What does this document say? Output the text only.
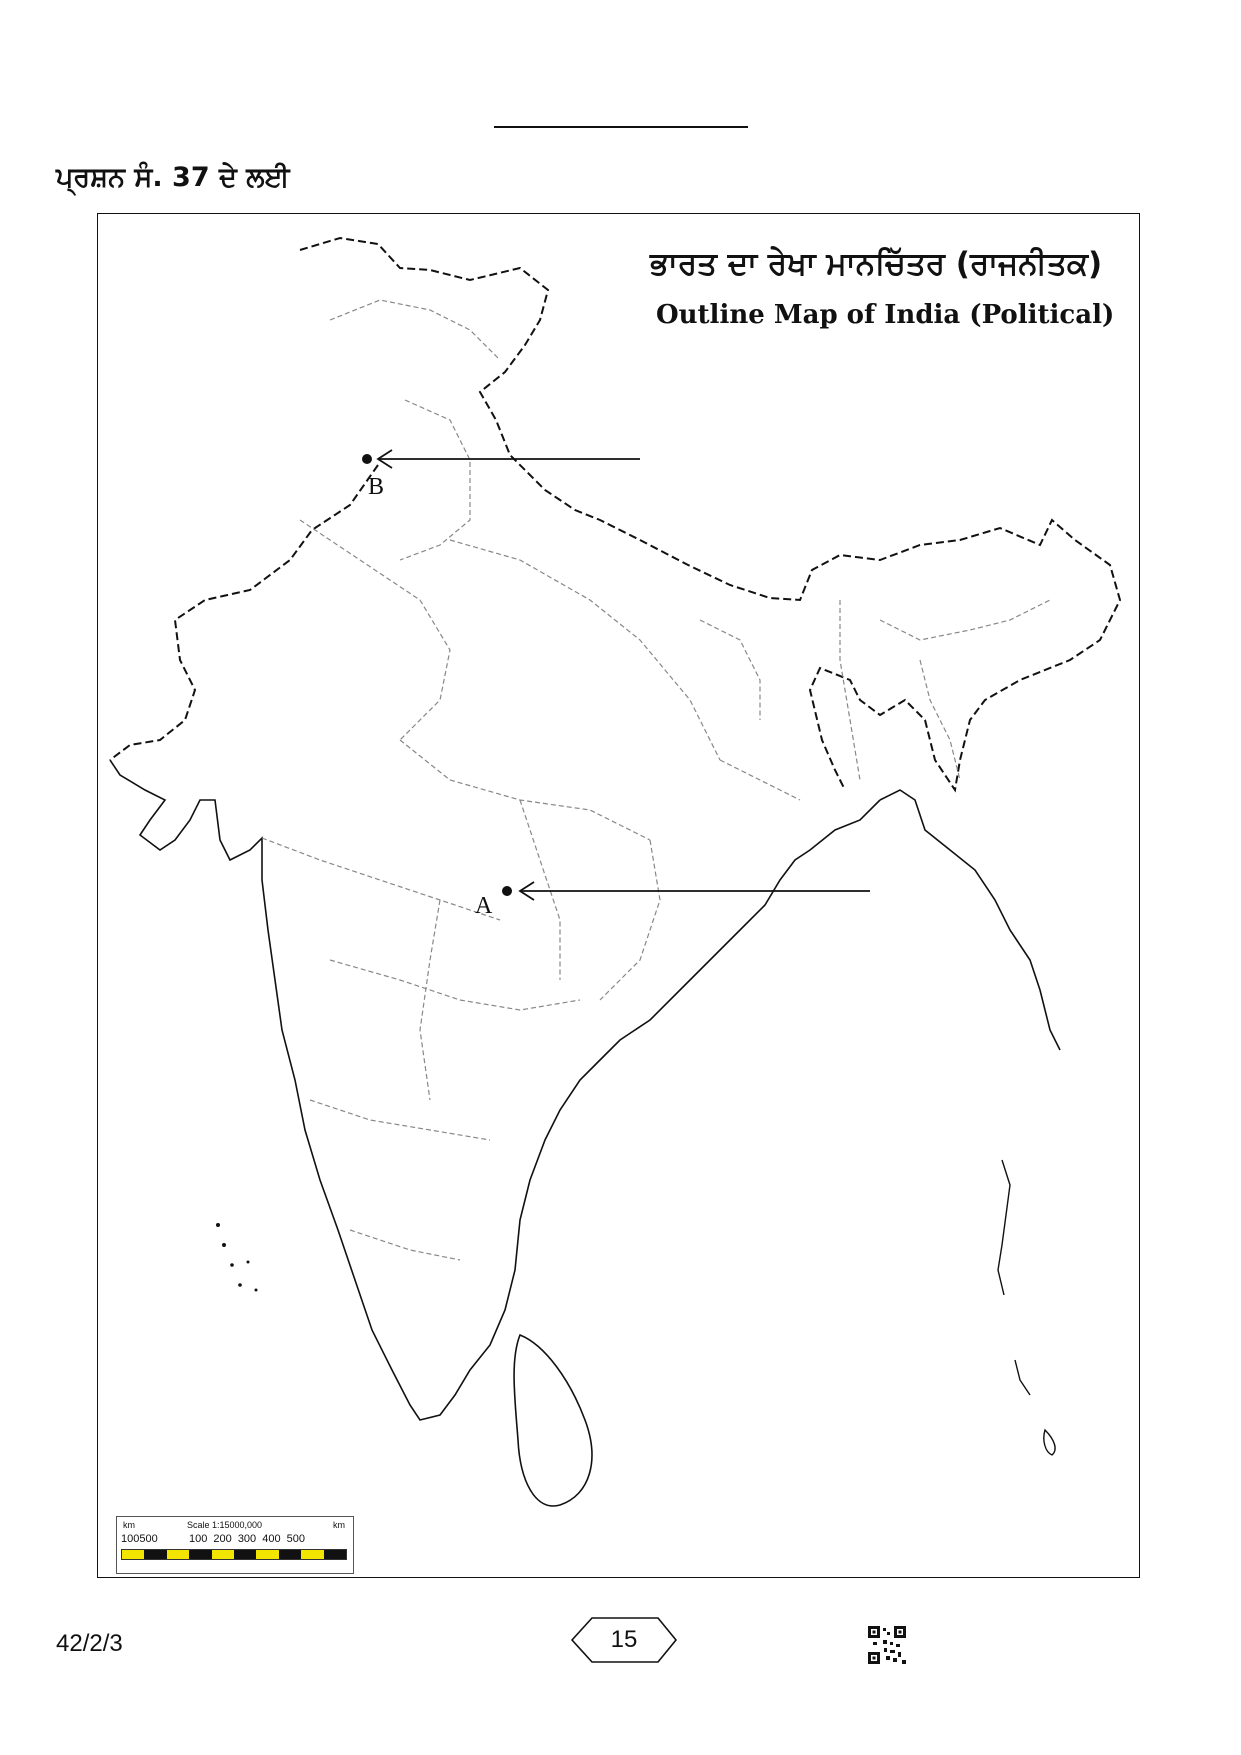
ਪ੍ਰਸ਼ਨ ਸੰ. 37 ਦੇ ਲਈ
B
A
ਭਾਰਤ ਦਾ ਰੇਖਾ ਮਾਨਚਿੱਤਰ (ਰਾਜਨੀਤਕ)
Outline Map of India (Political)
km	Scale 1:15000,000	km
100500	100 200 300 400 500
42/2/3	15
